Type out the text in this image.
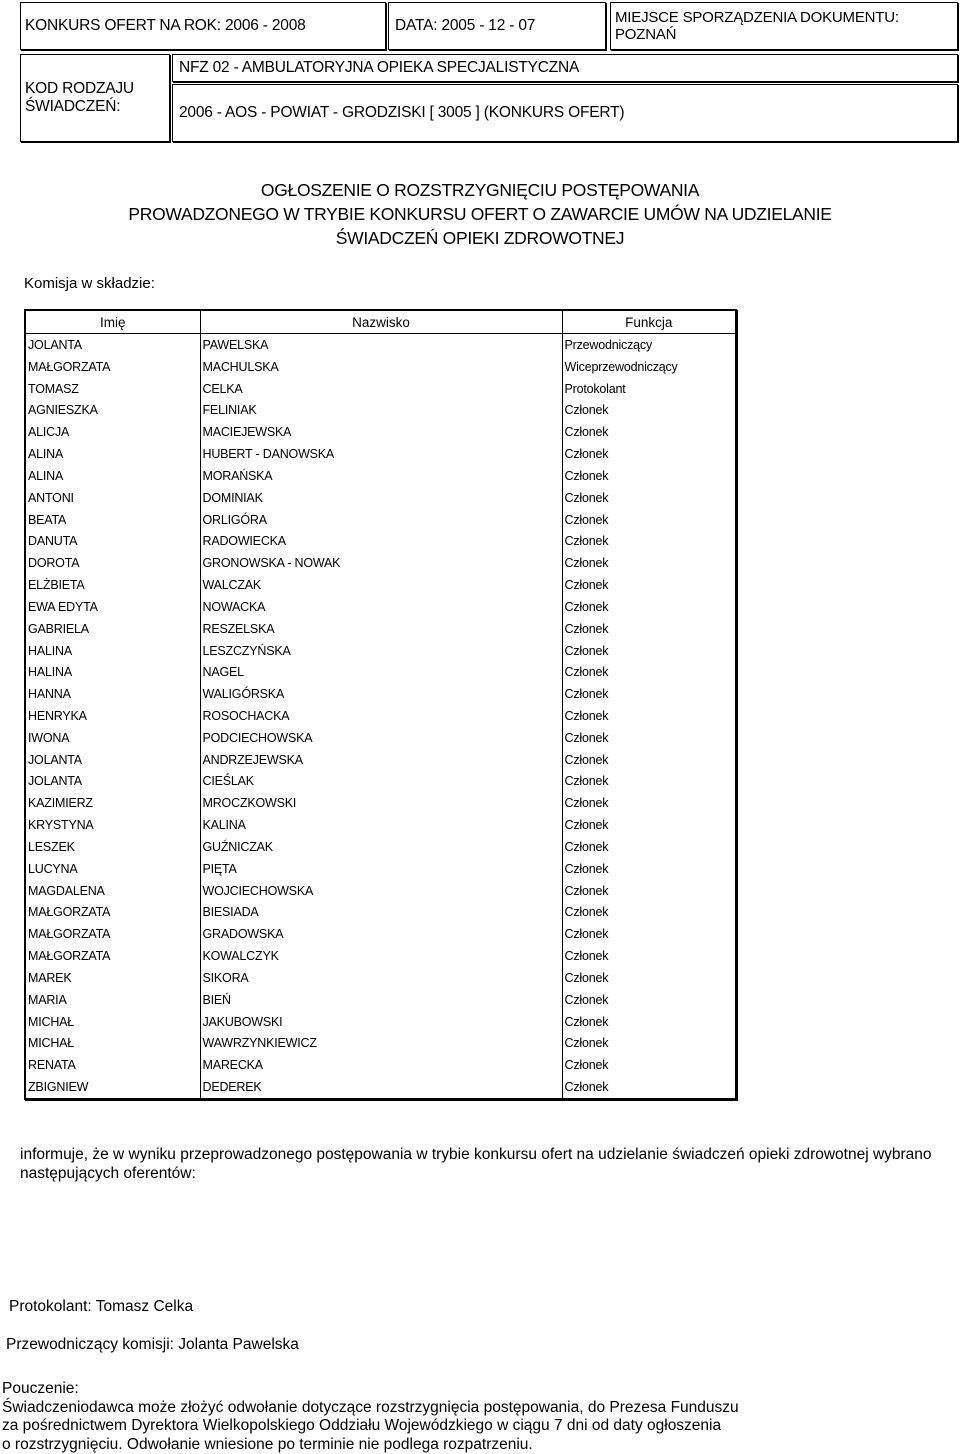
KONKURS OFERT NA ROK: 2006 - 2008	DATA: 2005 - 12 - 07	MIEJSCE SPORZĄDZENIA DOKUMENTU:
POZNAŃ
KOD RODZAJU
ŚWIADCZEŃ:
NFZ 02 - AMBULATORYJNA OPIEKA SPECJALISTYCZNA
2006 - AOS - POWIAT - GRODZISKI [ 3005 ] (KONKURS OFERT)
OGŁOSZENIE O ROZSTRZYGNIĘCIU POSTĘPOWANIA
PROWADZONEGO W TRYBIE KONKURSU OFERT O ZAWARCIE UMÓW NA UDZIELANIE
ŚWIADCZEŃ OPIEKI ZDROWOTNEJ
Komisja w składzie:
Imię	Nazwisko	Funkcja
JOLANTA	PAWELSKA	Przewodniczący
MAŁGORZATA	MACHULSKA	Wiceprzewodniczący
TOMASZ	CELKA	Protokolant
AGNIESZKA	FELINIAK	Członek
ALICJA	MACIEJEWSKA	Członek
ALINA	HUBERT - DANOWSKA	Członek
ALINA	MORAŃSKA	Członek
ANTONI	DOMINIAK	Członek
BEATA	ORLIGÓRA	Członek
DANUTA	RADOWIECKA	Członek
DOROTA	GRONOWSKA - NOWAK	Członek
ELŻBIETA	WALCZAK	Członek
EWA EDYTA	NOWACKA	Członek
GABRIELA	RESZELSKA	Członek
HALINA	LESZCZYŃSKA	Członek
HALINA	NAGEL	Członek
HANNA	WALIGÓRSKA	Członek
HENRYKA	ROSOCHACKA	Członek
IWONA	PODCIECHOWSKA	Członek
JOLANTA	ANDRZEJEWSKA	Członek
JOLANTA	CIEŚLAK	Członek
KAZIMIERZ	MROCZKOWSKI	Członek
KRYSTYNA	KALINA	Członek
LESZEK	GUŹNICZAK	Członek
LUCYNA	PIĘTA	Członek
MAGDALENA	WOJCIECHOWSKA	Członek
MAŁGORZATA	BIESIADA	Członek
MAŁGORZATA	GRADOWSKA	Członek
MAŁGORZATA	KOWALCZYK	Członek
MAREK	SIKORA	Członek
MARIA	BIEŃ	Członek
MICHAŁ	JAKUBOWSKI	Członek
MICHAŁ	WAWRZYNKIEWICZ	Członek
RENATA	MARECKA	Członek
ZBIGNIEW	DEDEREK	Członek
informuje, że w wyniku przeprowadzonego postępowania w trybie konkursu ofert na udzielanie świadczeń opieki zdrowotnej wybrano następujących oferentów:
Protokolant: Tomasz Celka
Przewodniczący komisji: Jolanta Pawelska
Pouczenie:
Świadczeniodawca może złożyć odwołanie dotyczące rozstrzygnięcia postępowania, do Prezesa Funduszu
za pośrednictwem Dyrektora Wielkopolskiego Oddziału Wojewódzkiego w ciągu 7 dni od daty ogłoszenia
o rozstrzygnięciu. Odwołanie wniesione po terminie nie podlega rozpatrzeniu.
